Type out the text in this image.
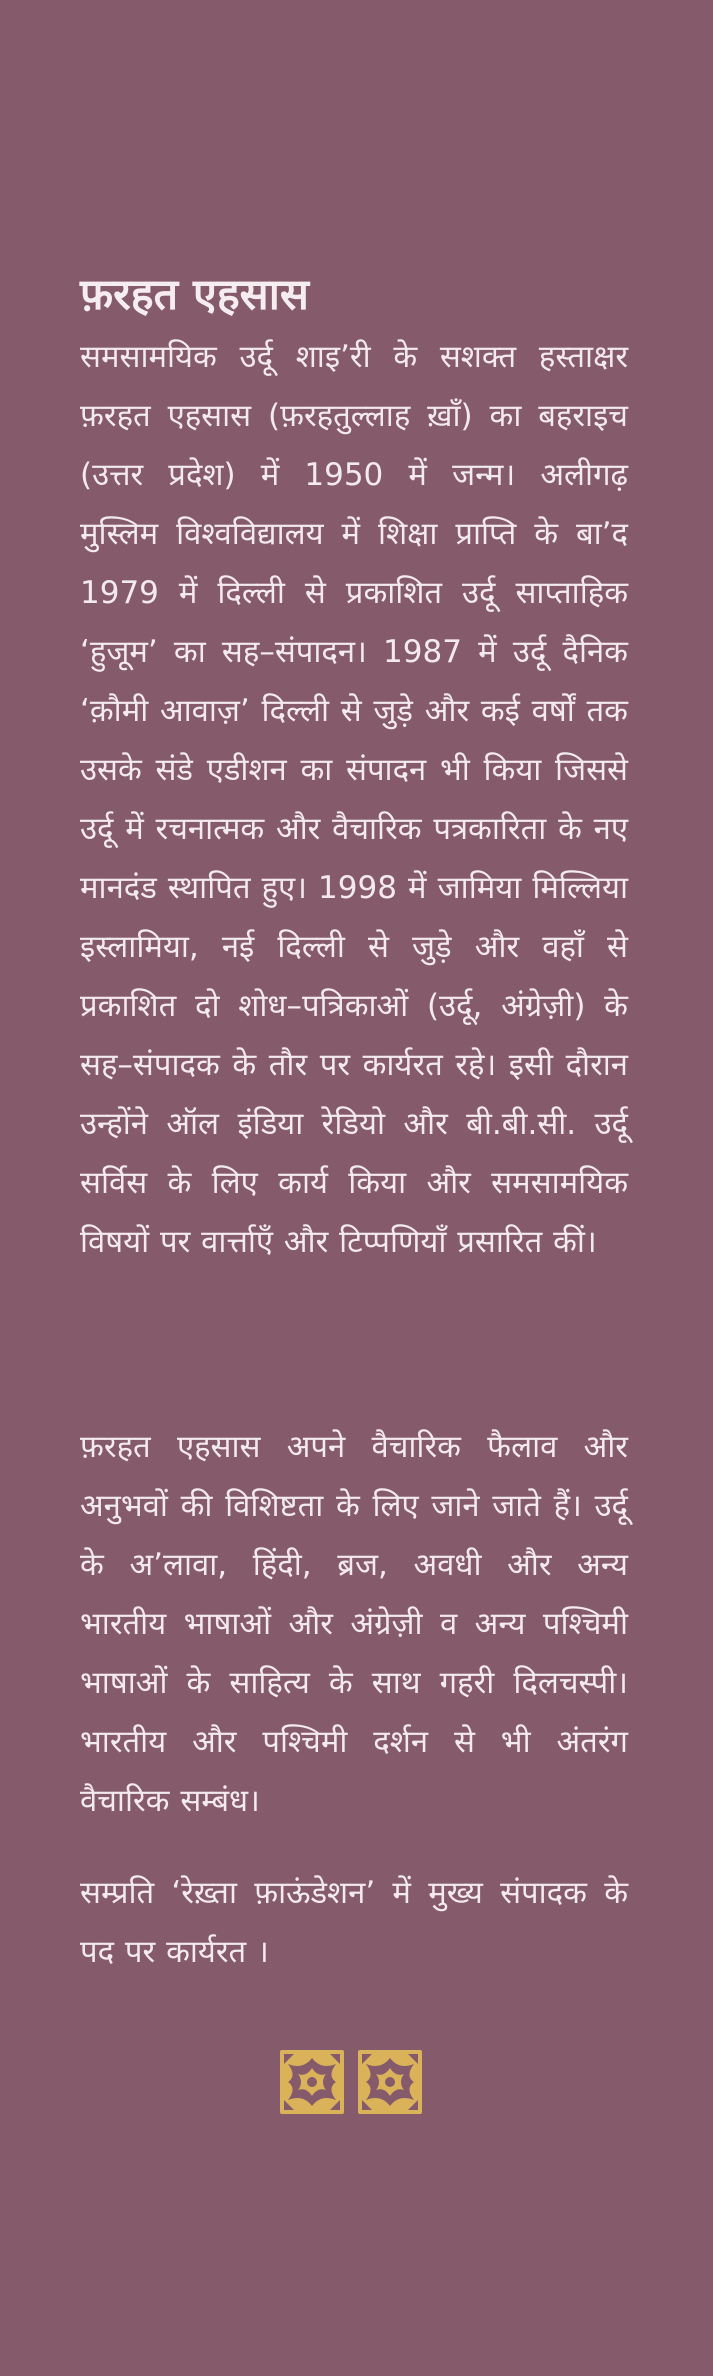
फ़रहत एहसास

समसामयिक उर्दू शाइ’री के सशक्त हस्ताक्षर फ़रहत एहसास (फ़रहतुल्लाह ख़ाँ) का बहराइच (उत्तर प्रदेश) में 1950 में जन्म। अलीगढ़ मुस्लिम विश्वविद्यालय में शिक्षा प्राप्ति के बा’द 1979 में दिल्ली से प्रकाशित उर्दू साप्ताहिक ‘हुजूम’ का सह–संपादन। 1987 में उर्दू दैनिक ‘क़ौमी आवाज़’ दिल्ली से जुड़े और कई वर्षों तक उसके संडे एडीशन का संपादन भी किया जिससे उर्दू में रचनात्मक और वैचारिक पत्रकारिता के नए मानदंड स्थापित हुए। 1998 में जामिया मिल्लिया इस्लामिया, नई दिल्ली से जुड़े और वहाँ से प्रकाशित दो शोध–पत्रिकाओं (उर्दू, अंग्रेज़ी) के सह–संपादक के तौर पर कार्यरत रहे। इसी दौरान उन्होंने ऑल इंडिया रेडियो और बी.बी.सी. उर्दू सर्विस के लिए कार्य किया और समसामयिक विषयों पर वार्त्ताएँ और टिप्पणियाँ प्रसारित कीं।

फ़रहत एहसास अपने वैचारिक फैलाव और अनुभवों की विशिष्टता के लिए जाने जाते हैं। उर्दू के अ’लावा, हिंदी, ब्रज, अवधी और अन्य भारतीय भाषाओं और अंग्रेज़ी व अन्य पश्चिमी भाषाओं के साहित्य के साथ गहरी दिलचस्पी। भारतीय और पश्चिमी दर्शन से भी अंतरंग वैचारिक सम्बंध।

सम्प्रति ‘रेख़्ता फ़ाऊंडेशन’ में मुख्य संपादक के पद पर कार्यरत ।
